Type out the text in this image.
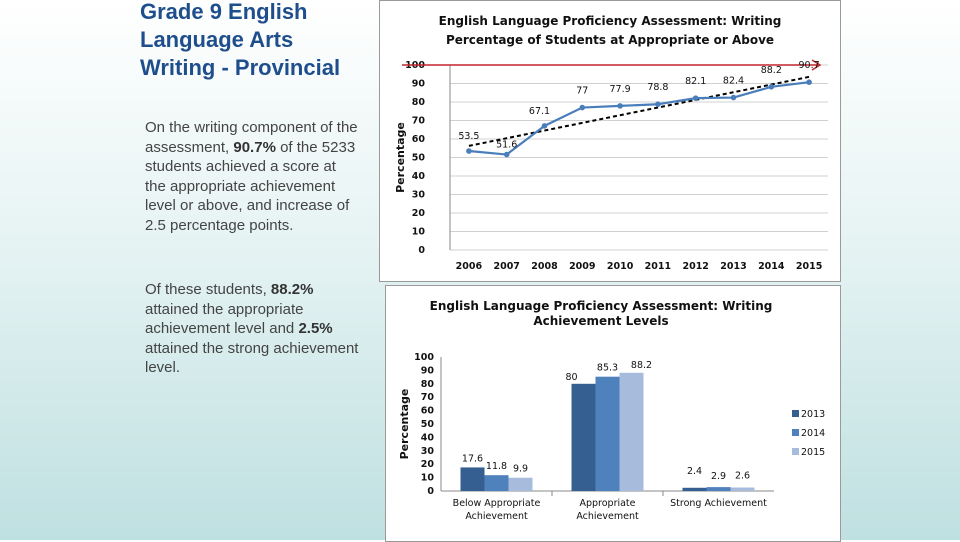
Grade 9 English Language Arts Writing - Provincial
On the writing component of the assessment, 90.7% of the 5233 students achieved a score at the appropriate achievement level or above, and increase of 2.5 percentage points.
Of these students, 88.2% attained the appropriate achievement level and 2.5% attained the strong achievement level.
English Language Proficiency Assessment: Writing
Percentage of Students at Appropriate or Above
0
10
20
30
40
50
60
70
80
90
100
2006 2007 2008 2009 2010 2011 2012 2013 2014 2015
53.5
51.6
67.1
77 77.9 78.8
82.1 82.4
88.2 90.7
Percentage
English Language Proficiency Assessment: Writing
Achievement Levels
0
10
20
30
40
50
60
70
80
90
100
17.6
11.8 9.9
Below Appropriate
Achievement
80
85.3 88.2
Appropriate
Achievement
2.4 2.9 2.6
Strong Achievement
2013
2014
2015
Percentage
